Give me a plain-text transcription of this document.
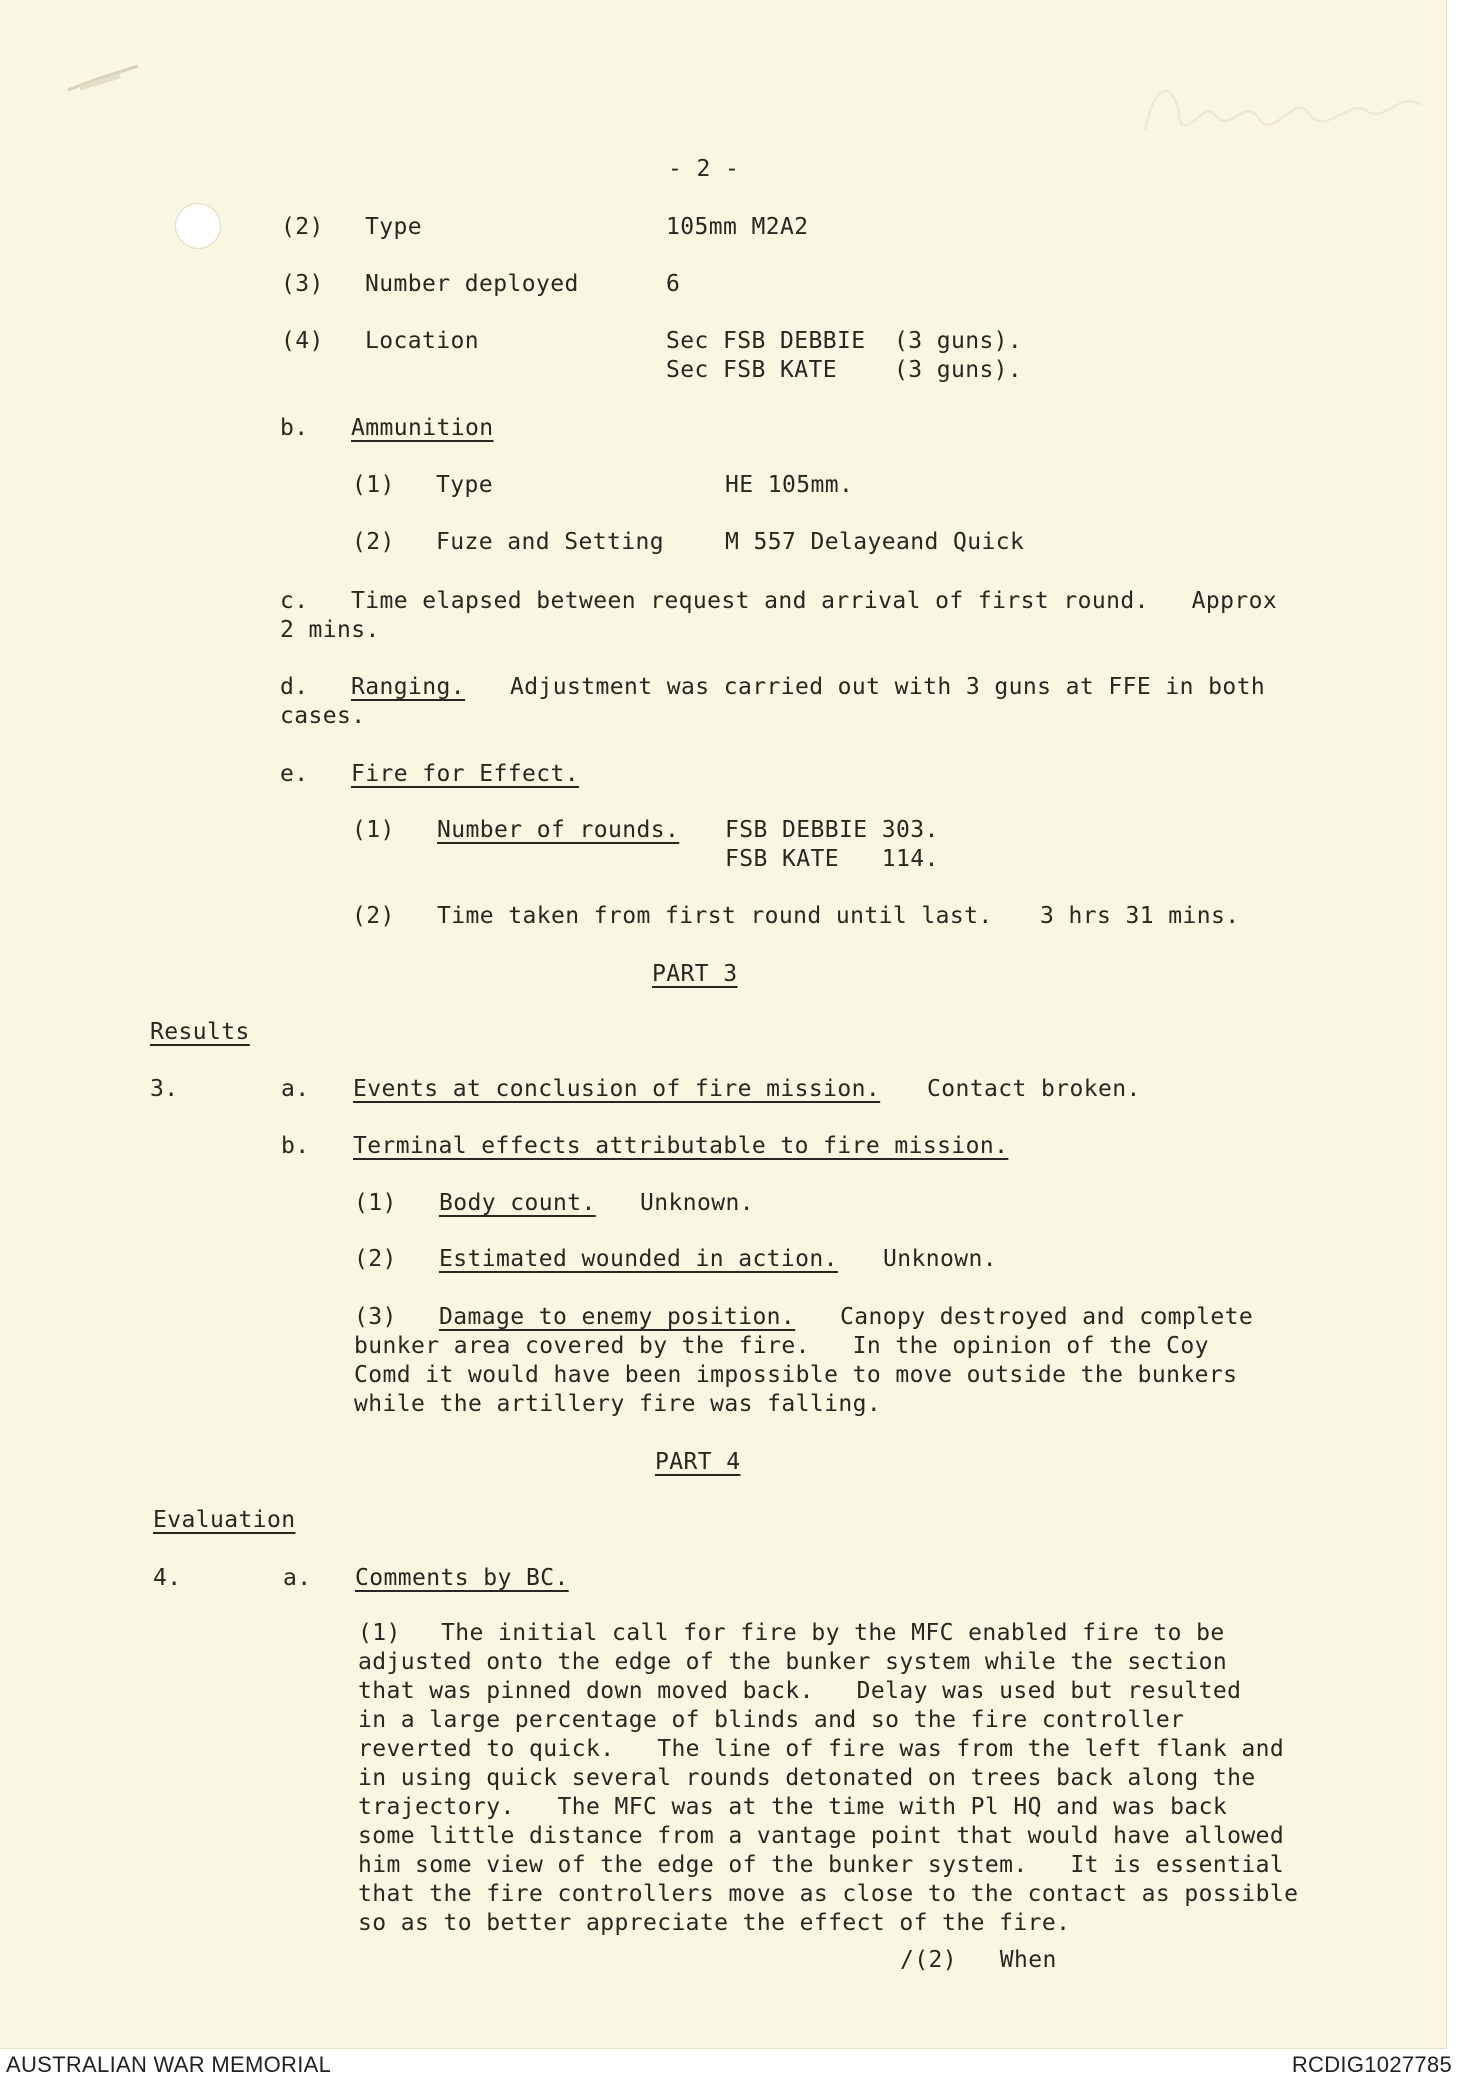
- 2 -
(2) Type	105mm M2A2
(3) Number deployed	6
(4) Location	Sec FSB DEBBIE  (3 guns).
Sec FSB KATE    (3 guns).
b. Ammunition
(1) Type	HE 105mm.
(2) Fuze and Setting	M 557 Delayeand Quick
c. Time elapsed between request and arrival of first round.   Approx
2 mins.
d. Ranging. Adjustment was carried out with 3 guns at FFE in both
cases.
e. Fire for Effect.
(1) Number of rounds. FSB DEBBIE 303.
FSB KATE   114.
(2) Time taken from first round until last. 3 hrs 31 mins.
PART 3
Results
3.	a. Events at conclusion of fire mission. Contact broken.
b. Terminal effects attributable to fire mission.
(1) Body count. Unknown.
(2) Estimated wounded in action. Unknown.
(3) Damage to enemy position. Canopy destroyed and complete
bunker area covered by the fire.   In the opinion of the Coy
Comd it would have been impossible to move outside the bunkers
while the artillery fire was falling.
PART 4
Evaluation
4.	a. Comments by BC.
(1) The initial call for fire by the MFC enabled fire to be
adjusted onto the edge of the bunker system while the section
that was pinned down moved back.   Delay was used but resulted
in a large percentage of blinds and so the fire controller
reverted to quick.   The line of fire was from the left flank and
in using quick several rounds detonated on trees back along the
trajectory.   The MFC was at the time with Pl HQ and was back
some little distance from a vantage point that would have allowed
him some view of the edge of the bunker system.   It is essential
that the fire controllers move as close to the contact as possible
so as to better appreciate the effect of the fire.
/(2)   When
AUSTRALIAN WAR MEMORIAL	RCDIG1027785
